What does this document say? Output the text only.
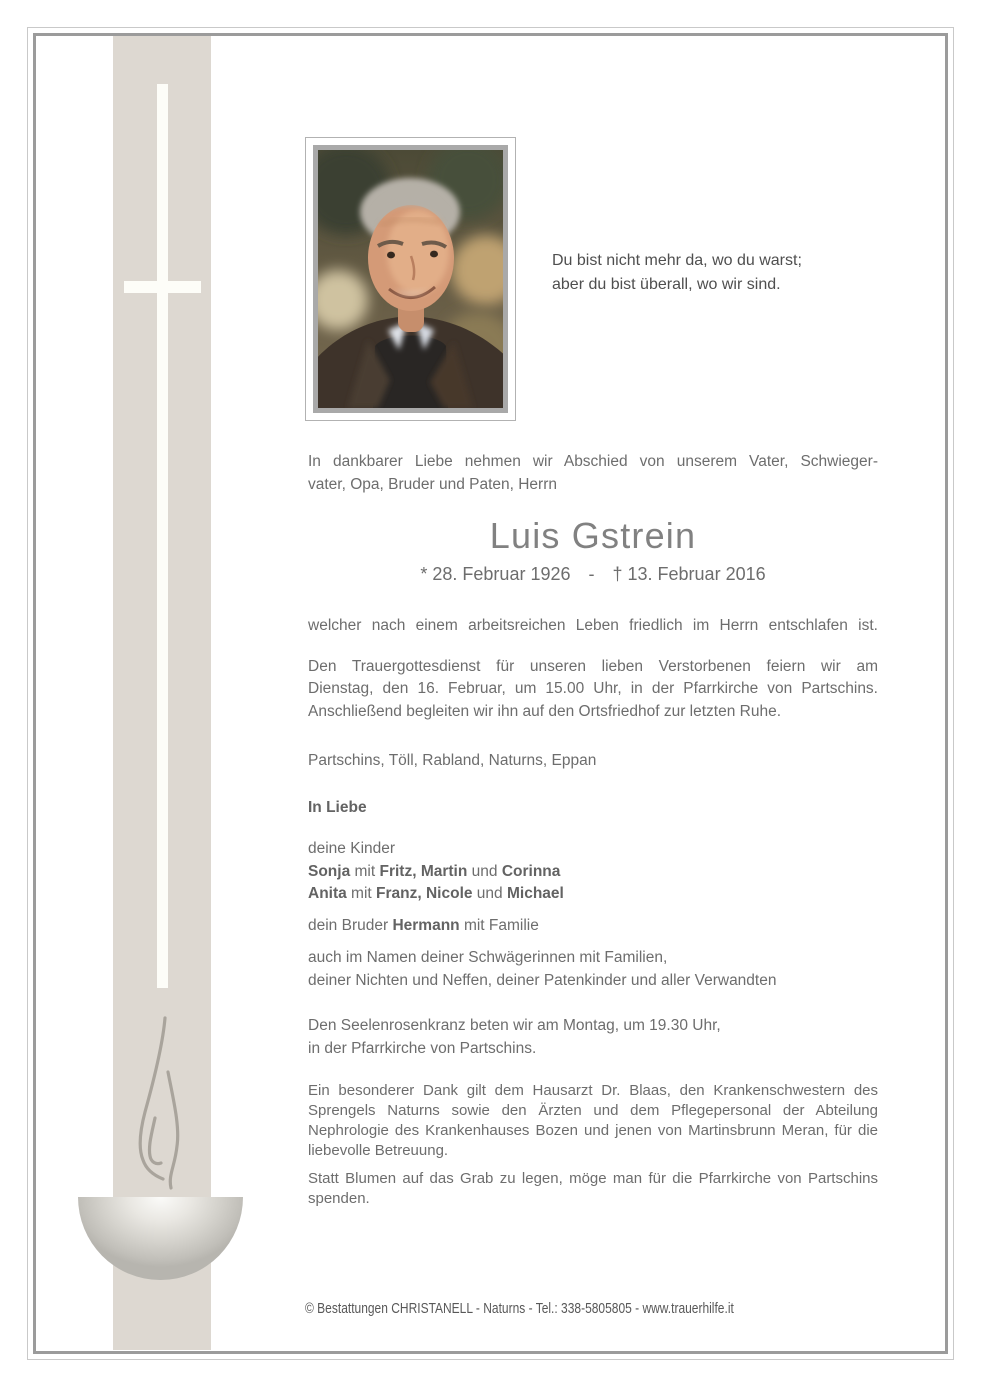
Du bist nicht mehr da, wo du warst;
aber du bist überall, wo wir sind.
In dankbarer Liebe nehmen wir Abschied von unserem Vater, Schwieger-
vater, Opa, Bruder und Paten, Herrn
Luis Gstrein
* 28. Februar 1926 - † 13. Februar 2016
welcher nach einem arbeitsreichen Leben friedlich im Herrn entschlafen ist.
Den Trauergottesdienst für unseren lieben Verstorbenen feiern wir am
Dienstag, den 16. Februar, um 15.00 Uhr, in der Pfarrkirche von Partschins.
Anschließend begleiten wir ihn auf den Ortsfriedhof zur letzten Ruhe.
Partschins, Töll, Rabland, Naturns, Eppan
In Liebe
deine Kinder
Sonja mit Fritz, Martin und Corinna
Anita mit Franz, Nicole und Michael
dein Bruder Hermann mit Familie
auch im Namen deiner Schwägerinnen mit Familien,
deiner Nichten und Neffen, deiner Patenkinder und aller Verwandten
Den Seelenrosenkranz beten wir am Montag, um 19.30 Uhr,
in der Pfarrkirche von Partschins.
Ein besonderer Dank gilt dem Hausarzt Dr. Blaas, den Krankenschwestern des
Sprengels Naturns sowie den Ärzten und dem Pflegepersonal der Abteilung
Nephrologie des Krankenhauses Bozen und jenen von Martinsbrunn Meran, für die
liebevolle Betreuung.
Statt Blumen auf das Grab zu legen, möge man für die Pfarrkirche von Partschins
spenden.
© Bestattungen CHRISTANELL - Naturns - Tel.: 338-5805805 - www.trauerhilfe.it
